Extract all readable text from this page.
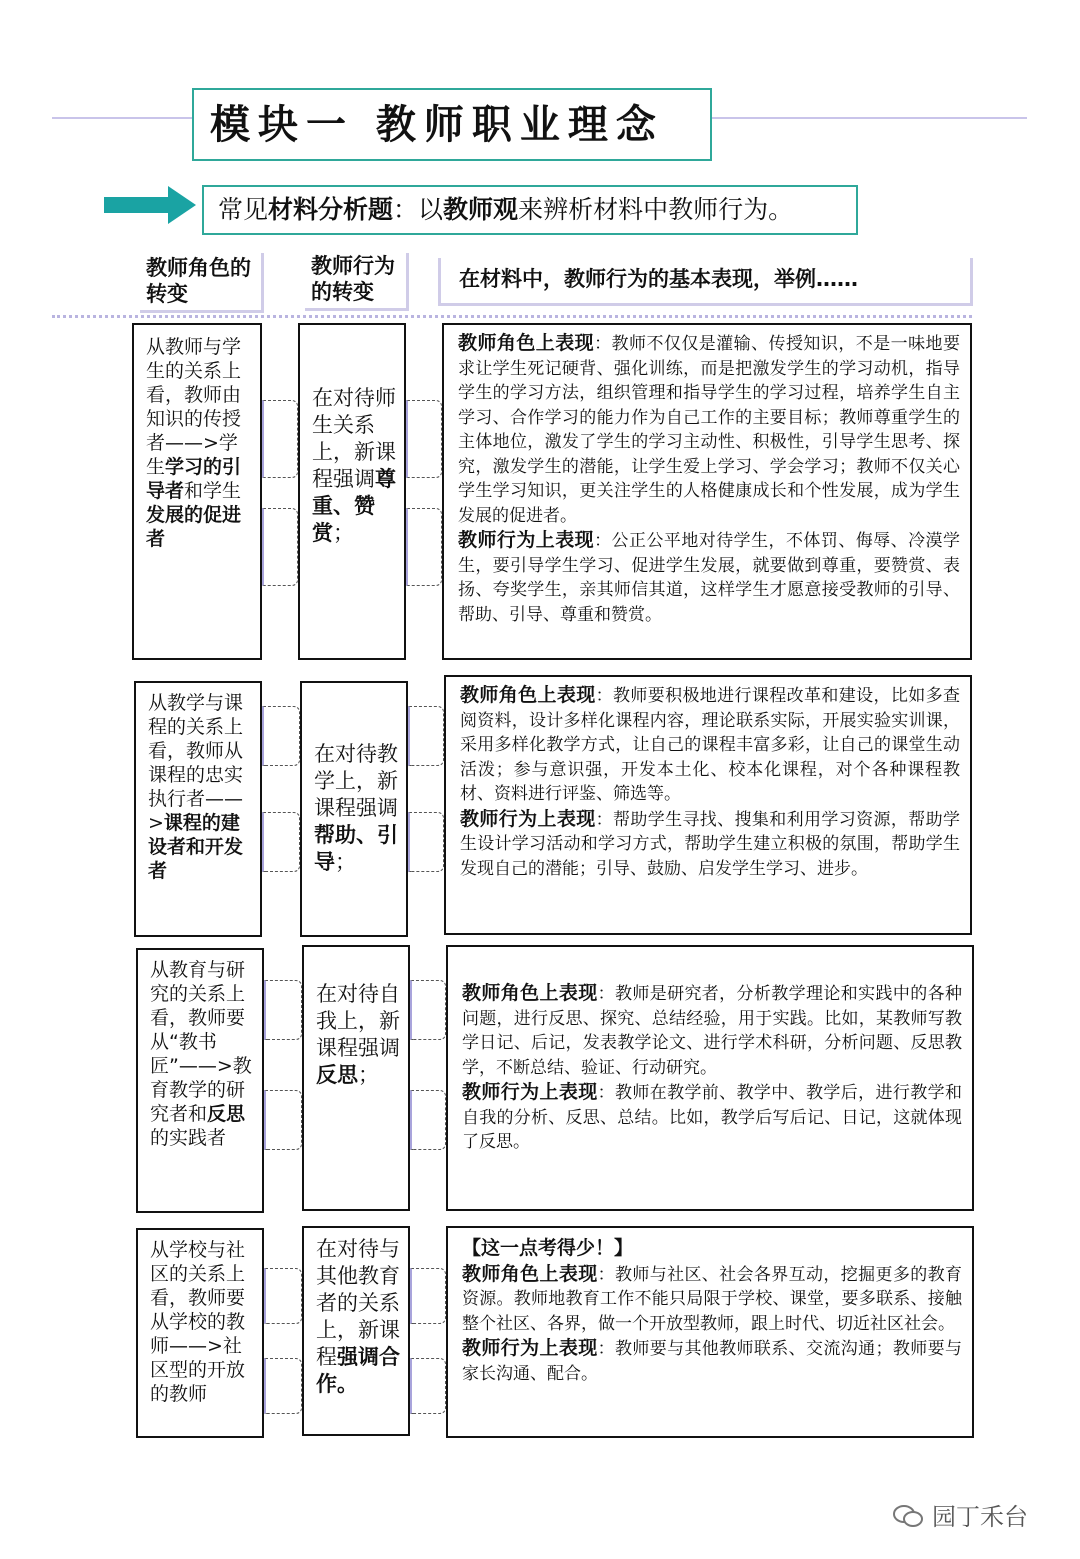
模块一 教师职业理念
常见材料分析题：以教师观来辨析材料中教师行为。
教师角色的转变
教师行为的转变
在材料中，教师行为的基本表现，举例……
从教师与学生的关系上看，教师由知识的传授者——>学生学习的引导者和学生发展的促进者
在对待师生关系上，新课程强调尊重、赞赏；
教师角色上表现：教师不仅仅是灌输、传授知识，不是一味地要求让学生死记硬背、强化训练，而是把激发学生的学习动机，指导学生的学习方法，组织管理和指导学生的学习过程，培养学生自主学习、合作学习的能力作为自己工作的主要目标；教师尊重学生的主体地位，激发了学生的学习主动性、积极性，引导学生思考、探究，激发学生的潜能，让学生爱上学习、学会学习；教师不仅关心学生学习知识，更关注学生的人格健康成长和个性发展，成为学生发展的促进者。
教师行为上表现：公正公平地对待学生，不体罚、侮辱、冷漠学生，要引导学生学习、促进学生发展，就要做到尊重，要赞赏、表扬、夸奖学生，亲其师信其道，这样学生才愿意接受教师的引导、帮助、引导、尊重和赞赏。
从教学与课程的关系上看，教师从课程的忠实执行者——>课程的建设者和开发者
在对待教学上，新课程强调帮助、引导；
教师角色上表现：教师要积极地进行课程改革和建设，比如多查阅资料，设计多样化课程内容，理论联系实际，开展实验实训课，采用多样化教学方式，让自己的课程丰富多彩，让自己的课堂生动活泼；参与意识强，开发本土化、校本化课程，对个各种课程教材、资料进行评鉴、筛选等。
教师行为上表现：帮助学生寻找、搜集和利用学习资源，帮助学生设计学习活动和学习方式，帮助学生建立积极的氛围，帮助学生发现自己的潜能；引导、鼓励、启发学生学习、进步。
从教育与研究的关系上看，教师要从“教书匠”——>教育教学的研究者和反思的实践者
在对待自我上，新课程强调反思；
教师角色上表现：教师是研究者，分析教学理论和实践中的各种问题，进行反思、探究、总结经验，用于实践。比如，某教师写教学日记、后记，发表教学论文、进行学术科研，分析问题、反思教学，不断总结、验证、行动研究。
教师行为上表现：教师在教学前、教学中、教学后，进行教学和自我的分析、反思、总结。比如，教学后写后记、日记，这就体现了反思。
从学校与社区的关系上看，教师要从学校的教师——>社区型的开放的教师
在对待与其他教育者的关系上，新课程强调合作。
【这一点考得少！】
教师角色上表现：教师与社区、社会各界互动，挖掘更多的教育资源。教师地教育工作不能只局限于学校、课堂，要多联系、接触整个社区、各界，做一个开放型教师，跟上时代、切近社区社会。
教师行为上表现：教师要与其他教师联系、交流沟通；教师要与家长沟通、配合。
园丁禾台
